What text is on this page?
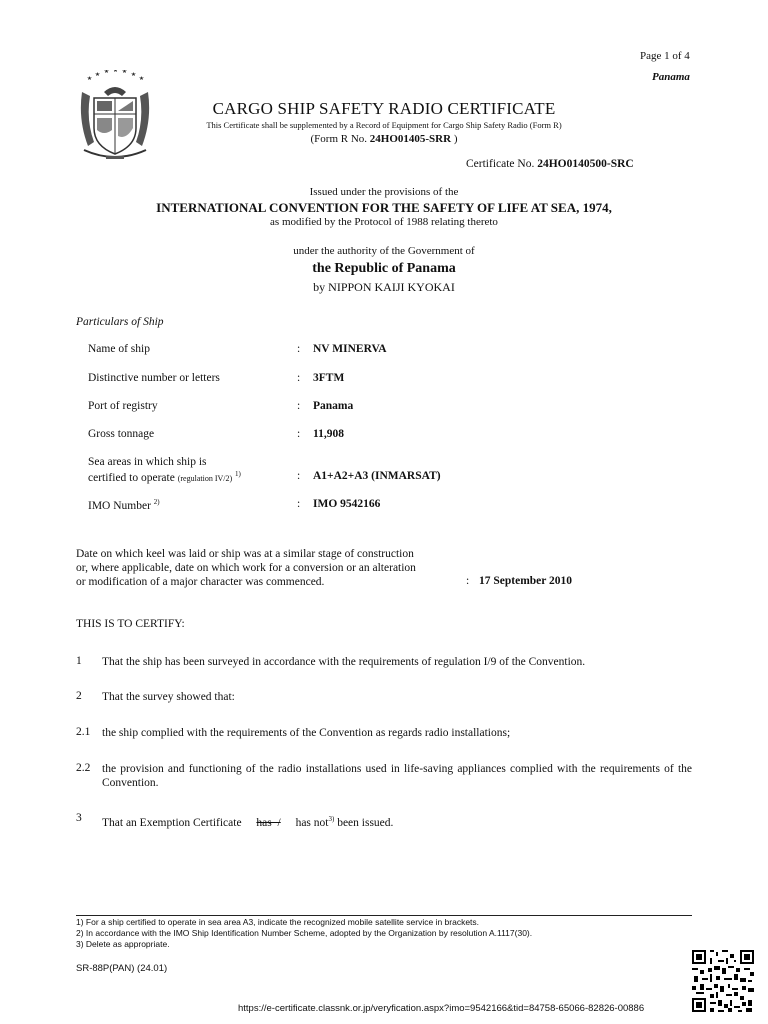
Page 1 of 4
Panama
CARGO SHIP SAFETY RADIO CERTIFICATE
This Certificate shall be supplemented by a Record of Equipment for Cargo Ship Safety Radio (Form R)
(Form R No. 24HO01405-SRR )
Certificate No. 24HO0140500-SRC
Issued under the provisions of the
INTERNATIONAL CONVENTION FOR THE SAFETY OF LIFE AT SEA, 1974,
as modified by the Protocol of 1988 relating thereto
under the authority of the Government of
the Republic of Panama
by NIPPON KAIJI KYOKAI
Particulars of Ship
Name of ship	: NV MINERVA
Distinctive number or letters	: 3FTM
Port of registry	: Panama
Gross tonnage	: 11,908
Sea areas in which ship is
certified to operate (regulation IV/2) $^{1)}$	: A1+A2+A3 (INMARSAT)
IMO Number $^{2)}$	: IMO 9542166
Date on which keel was laid or ship was at a similar stage of construction
or, where applicable, date on which work for a conversion or an alteration
or modification of a major character was commenced.	: 17 September 2010
THIS IS TO CERTIFY:
1 That the ship has been surveyed in accordance with the requirements of regulation I/9 of the Convention.
2 That the survey showed that:
2.1 the ship complied with the requirements of the Convention as regards radio installations;
2.2 the provision and functioning of the radio installations used in life-saving appliances complied with the requirements of the Convention.
3 That an Exemption Certificate has  / has not$^{3)}$ been issued.
1) For a ship certified to operate in sea area A3, indicate the recognized mobile satellite service in brackets.
2) In accordance with the IMO Ship Identification Number Scheme, adopted by the Organization by resolution A.1117(30).
3) Delete as appropriate.
SR-88P(PAN) (24.01)
https://e-certificate.classnk.or.jp/veryfication.aspx?imo=9542166&tid=84758-65066-82826-00886
